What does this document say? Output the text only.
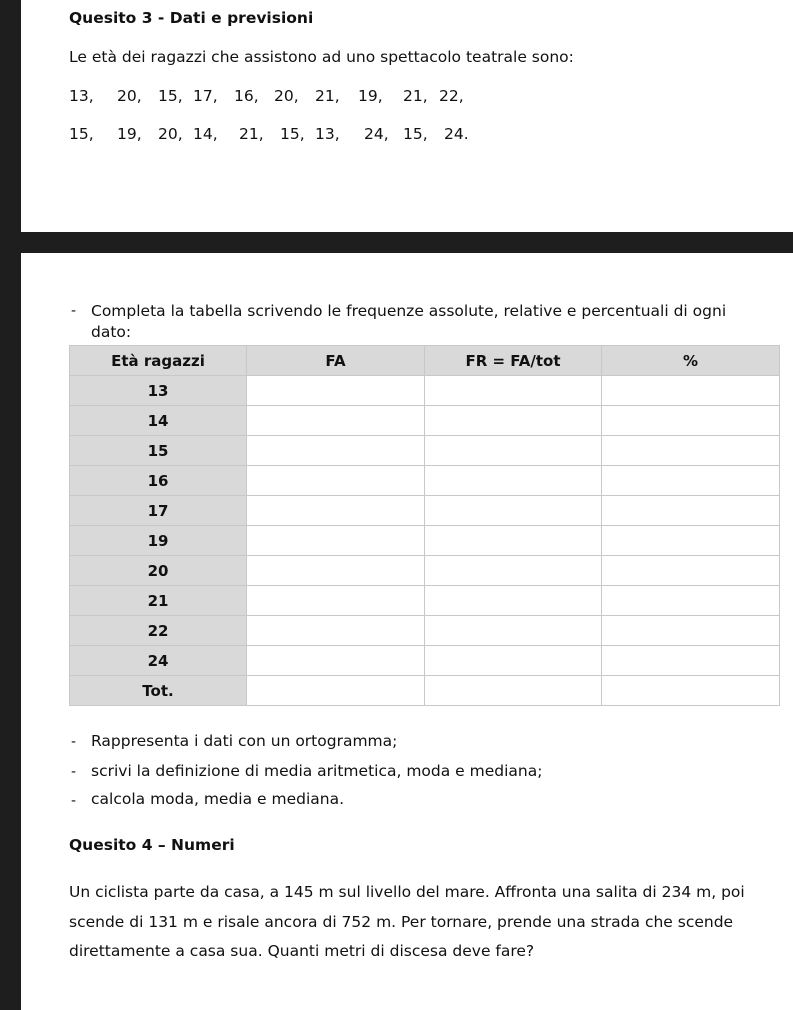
Quesito 3 - Dati e previsioni
Le età dei ragazzi che assistono ad uno spettacolo teatrale sono:
13, 20, 15, 17, 16, 20, 21, 19, 21, 22,
15, 19, 20, 14, 21, 15, 13, 24, 15, 24.
- Completa la tabella scrivendo le frequenze assolute, relative e percentuali di ogni
dato:
Età ragazzi	FA	FR = FA/tot	%
13			
14			
15			
16			
17			
19			
20			
21			
22			
24			
Tot.			
- Rappresenta i dati con un ortogramma;
- scrivi la definizione di media aritmetica, moda e mediana;
- calcola moda, media e mediana.
Quesito 4 – Numeri
Un ciclista parte da casa, a 145 m sul livello del mare. Affronta una salita di 234 m, poi
scende di 131 m e risale ancora di 752 m. Per tornare, prende una strada che scende
direttamente a casa sua. Quanti metri di discesa deve fare?
